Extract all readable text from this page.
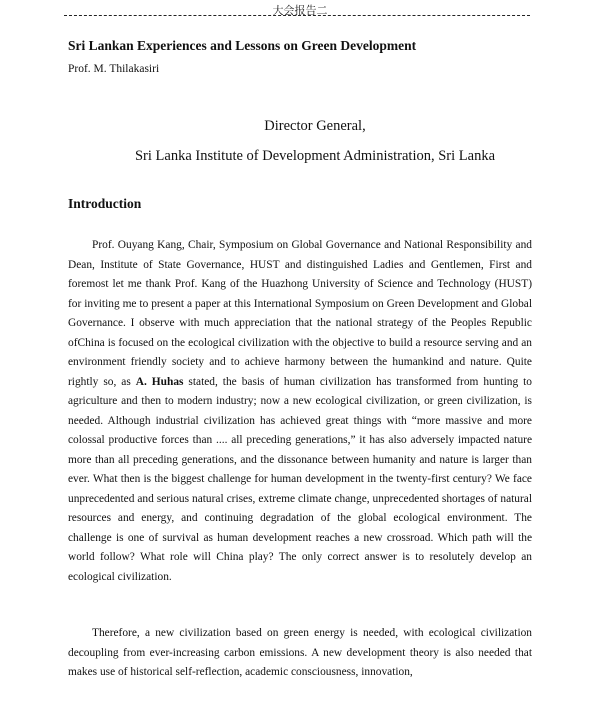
大会报告二
Sri Lankan Experiences and Lessons on Green Development
Prof. M. Thilakasiri
Director General,
Sri Lanka Institute of Development Administration, Sri Lanka
Introduction

Prof. Ouyang Kang, Chair, Symposium on Global Governance and National Responsibility and Dean, Institute of State Governance, HUST and distinguished Ladies and Gentlemen, First and foremost let me thank Prof. Kang of the Huazhong University of Science and Technology (HUST) for inviting me to present a paper at this International Symposium on Green Development and Global Governance. I observe with much appreciation that the national strategy of the Peoples Republic ofChina is focused on the ecological civilization with the objective to build a resource serving and an environment friendly society and to achieve harmony between the humankind and nature. Quite rightly so, as A. Huhas stated, the basis of human civilization has transformed from hunting to agriculture and then to modern industry; now a new ecological civilization, or green civilization, is needed. Although industrial civilization has achieved great things with “more massive and more colossal productive forces than .... all preceding generations,” it has also adversely impacted nature more than all preceding generations, and the dissonance between humanity and nature is larger than ever. What then is the biggest challenge for human development in the twenty-first century? We face unprecedented and serious natural crises, extreme climate change, unprecedented shortages of natural resources and energy, and continuing degradation of the global ecological environment. The challenge is one of survival as human development reaches a new crossroad. Which path will the world follow? What role will China play? The only correct answer is to resolutely develop an ecological civilization.

Therefore, a new civilization based on green energy is needed, with ecological civilization decoupling from ever-increasing carbon emissions. A new development theory is also needed that makes use of historical self-reflection, academic consciousness, innovation,
